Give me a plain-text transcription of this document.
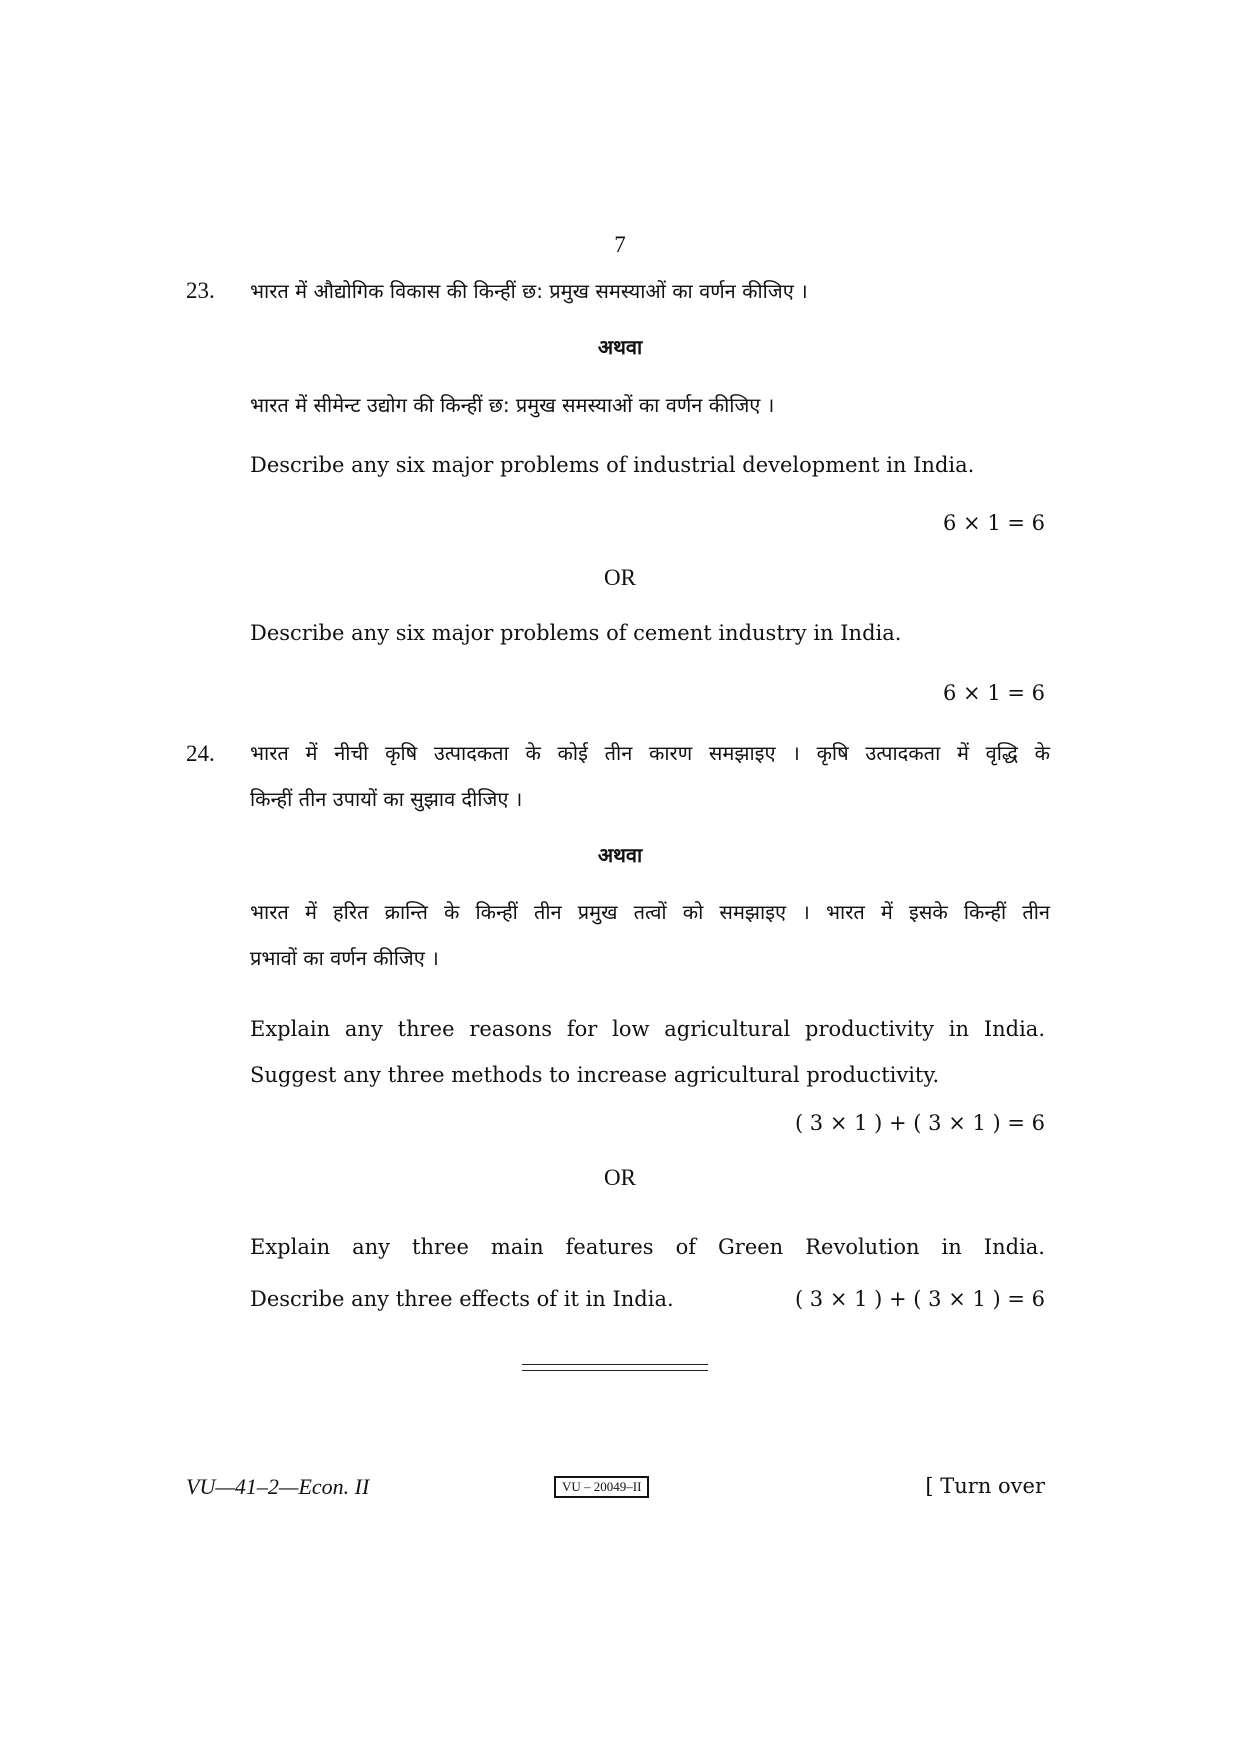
7
23. भारत में औद्योगिक विकास की किन्हीं छ: प्रमुख समस्याओं का वर्णन कीजिए ।
अथवा
भारत में सीमेन्ट उद्योग की किन्हीं छ: प्रमुख समस्याओं का वर्णन कीजिए ।
Describe any six major problems of industrial development in India.
6 × 1 = 6
OR
Describe any six major problems of cement industry in India.
6 × 1 = 6
24. भारत में नीची कृषि उत्पादकता के कोई तीन कारण समझाइए । कृषि उत्पादकता में वृद्धि के
किन्हीं तीन उपायों का सुझाव दीजिए ।
अथवा
भारत में हरित क्रान्ति के किन्हीं तीन प्रमुख तत्वों को समझाइए । भारत में इसके किन्हीं तीन
प्रभावों का वर्णन कीजिए ।
Explain any three reasons for low agricultural productivity in India.
Suggest any three methods to increase agricultural productivity.
( 3 × 1 ) + ( 3 × 1 ) = 6
OR
Explain any three main features of Green Revolution in India.
Describe any three effects of it in India.	( 3 × 1 ) + ( 3 × 1 ) = 6
VU—41–2—Econ. II	VU – 20049–II	[ Turn over
